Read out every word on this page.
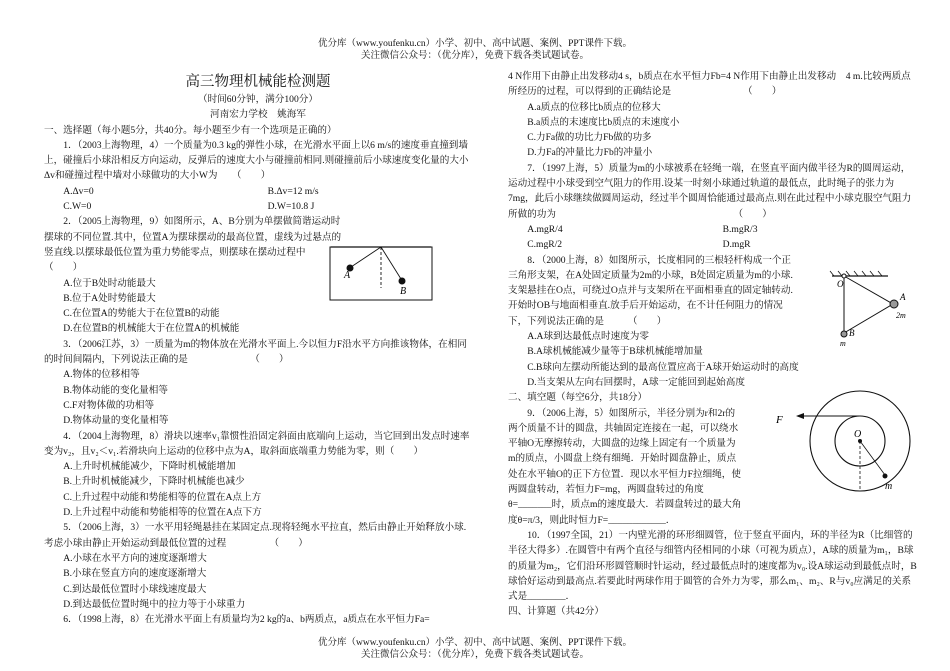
优分库（www.youfenku.cn）小学、初中、高中试题、案例、PPT课件下载。
关注微信公众号：（优分库），免费下载各类试题试卷。

高三物理机械能检测题

（时间60分钟，满分100分）

河南宏力学校　姚海军

一、选择题（每小题5分，共40分。每小题至少有一个选项是正确的）

1．（2003上海物理，4）一个质量为0.3 kg的弹性小球，在光滑水平面上以6 m/s的速度垂直撞到墙上，碰撞后小球沿相反方向运动，反弹后的速度大小与碰撞前相同.则碰撞前后小球速度变化量的大小Δv和碰撞过程中墙对小球做功的大小W为　　（　　）

A.Δv=0	B.Δv=12 m/s
C.W=0	D.W=10.8 J

2．（2005上海物理，9）如图所示，A、B分别为单摆做简谐运动时摆球的不同位置.其中，位置A为摆球摆动的最高位置，虚线为过悬点的竖直线.以摆球最低位置为重力势能零点，则摆球在摆动过程中　（　　）

A.位于B处时动能最大

B.位于A处时势能最大

C.在位置A的势能大于在位置B的动能

D.在位置B的机械能大于在位置A的机械能

3．（2006江苏，3）一质量为m的物体放在光滑水平面上.今以恒力F沿水平方向推该物体，在相同的时间间隔内，下列说法正确的是　　　　　　　（　　）

A.物体的位移相等

B.物体动能的变化量相等

C.F对物体做的功相等

D.物体动量的变化量相等

4．（2004上海物理，8）滑块以速率v₁靠惯性沿固定斜面由底端向上运动，当它回到出发点时速率变为v₂，且v₂＜v₁.若滑块向上运动的位移中点为A，取斜面底端重力势能为零，则（　　）

A.上升时机械能减少，下降时机械能增加

B.上升时机械能减少，下降时机械能也减少

C.上升过程中动能和势能相等的位置在A点上方

D.上升过程中动能和势能相等的位置在A点下方

5．（2006上海，3）一水平用轻绳悬挂在某固定点.现将轻绳水平拉直，然后由静止开始释放小球.考虑小球由静止开始运动到最低位置的过程　　　　　（　　）

A.小球在水平方向的速度逐渐增大

B.小球在竖直方向的速度逐渐增大

C.到达最低位置时小球线速度最大

D.到达最低位置时绳中的拉力等于小球重力

6．（1998上海，8）在光滑水平面上有质量均为2 kg的a、b两质点，a质点在水平恒力Fa=

A
B

4 N作用下由静止出发移动4 s，b质点在水平恒力Fb=4 N作用下由静止出发移动　4 m.比较两质点所经历的过程，可以得到的正确结论是　　　　　　　　（　　）

A.a质点的位移比b质点的位移大

B.a质点的末速度比b质点的末速度小

C.力Fa做的功比力Fb做的功多

D.力Fa的冲量比力Fb的冲量小

7．（1997上海，5）质量为m的小球被系在轻绳一端，在竖直平面内做半径为R的圆周运动，运动过程中小球受到空气阻力的作用.设某一时刻小球通过轨道的最低点，此时绳子的张力为7mg，此后小球继续做圆周运动，经过半个圆周恰能通过最高点.则在此过程中小球克服空气阻力所做的功为　　　　　　　　　　　　　　　　　　　（　　）

A.mgR/4	B.mgR/3
C.mgR/2	D.mgR

8．（2000上海，8）如图所示，长度相同的三根轻杆构成一个正三角形支架，在A处固定质量为2m的小球，B处固定质量为m的小球.支架悬挂在O点，可绕过O点并与支架所在平面相垂直的固定轴转动.开始时OB与地面相垂直.放手后开始运动，在不计任何阻力的情况下，下列说法正确的是　　　（　　）

A.A球到达最低点时速度为零

B.A球机械能减少量等于B球机械能增加量

C.B球向左摆动所能达到的最高位置应高于A球开始运动时的高度

D.当支架从左向右回摆时，A球一定能回到起始高度

二、填空题（每空6分，共18分）

9．（2006上海，5）如图所示，半径分别为r和2r的两个质量不计的圆盘，共轴固定连接在一起，可以绕水平轴O无摩擦转动，大圆盘的边缘上固定有一个质量为m的质点，小圆盘上绕有细绳．开始时圆盘静止，质点处在水平轴O的正下方位置．现以水平恒力F拉细绳，使两圆盘转动，若恒力F=mg，两圆盘转过的角度θ=_______时，质点m的速度最大．若圆盘转过的最大角度θ=π/3，则此时恒力F=____________．

10．（1997全国，21）一内壁光滑的环形细圆管，位于竖直平面内，环的半径为R（比细管的半径大得多）.在圆管中有两个直径与细管内径相同的小球（可视为质点），A球的质量为m₁，B球的质量为m₂，它们沿环形圆管顺时针运动，经过最低点时的速度都为v₀.设A球运动到最低点时，B球恰好运动到最高点.若要此时两球作用于圆管的合外力为零，那么m₁、m₂、R与v₀应满足的关系式是________．

四、计算题（共42分）

O
A
2m
B
m
F
O
m
优分库（www.youfenku.cn）小学、初中、高中试题、案例、PPT课件下载。
关注微信公众号：（优分库），免费下载各类试题试卷。
